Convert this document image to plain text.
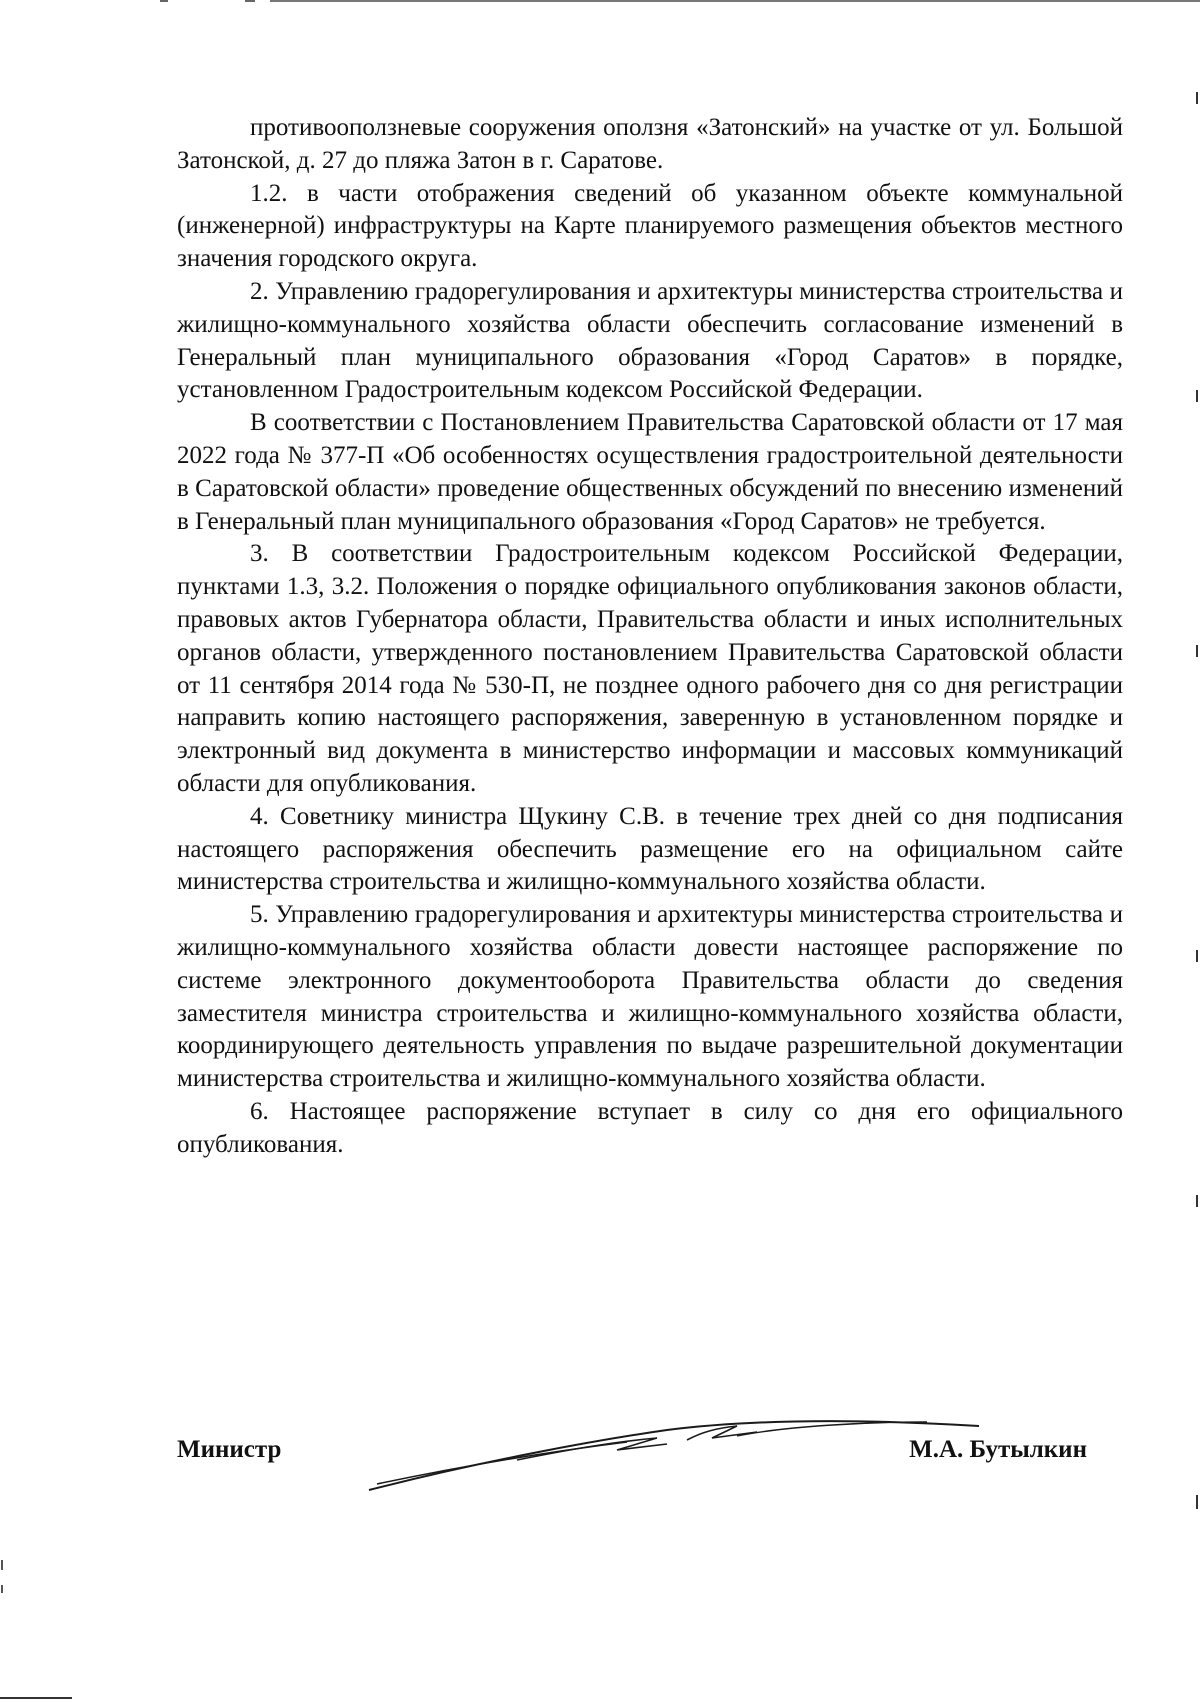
противооползневые сооружения оползня «Затонский» на участке от ул. Большой Затонской, д. 27 до пляжа Затон в г. Саратове.

1.2. в части отображения сведений об указанном объекте коммунальной (инженерной) инфраструктуры на Карте планируемого размещения объектов местного значения городского округа.

2. Управлению градорегулирования и архитектуры министерства строительства и жилищно-коммунального хозяйства области обеспечить согласование изменений в Генеральный план муниципального образования «Город Саратов» в порядке, установленном Градостроительным кодексом Российской Федерации.

В соответствии с Постановлением Правительства Саратовской области от 17 мая 2022 года № 377-П «Об особенностях осуществления градостроительной деятельности в Саратовской области» проведение общественных обсуждений по внесению изменений в Генеральный план муниципального образования «Город Саратов» не требуется.

3. В соответствии Градостроительным кодексом Российской Федерации, пунктами 1.3, 3.2. Положения о порядке официального опубликования законов области, правовых актов Губернатора области, Правительства области и иных исполнительных органов области, утвержденного постановлением Правительства Саратовской области от 11 сентября 2014 года № 530-П, не позднее одного рабочего дня со дня регистрации направить копию настоящего распоряжения, заверенную в установленном порядке и электронный вид документа в министерство информации и массовых коммуникаций области для опубликования.

4. Советнику министра Щукину С.В. в течение трех дней со дня подписания настоящего распоряжения обеспечить размещение его на официальном сайте министерства строительства и жилищно-коммунального хозяйства области.

5. Управлению градорегулирования и архитектуры министерства строительства и жилищно-коммунального хозяйства области довести настоящее распоряжение по системе электронного документооборота Правительства области до сведения заместителя министра строительства и жилищно-коммунального хозяйства области, координирующего деятельность управления по выдаче разрешительной документации министерства строительства и жилищно-коммунального хозяйства области.

6. Настоящее распоряжение вступает в силу со дня его официального опубликования.

Министр	М.А. Бутылкин
